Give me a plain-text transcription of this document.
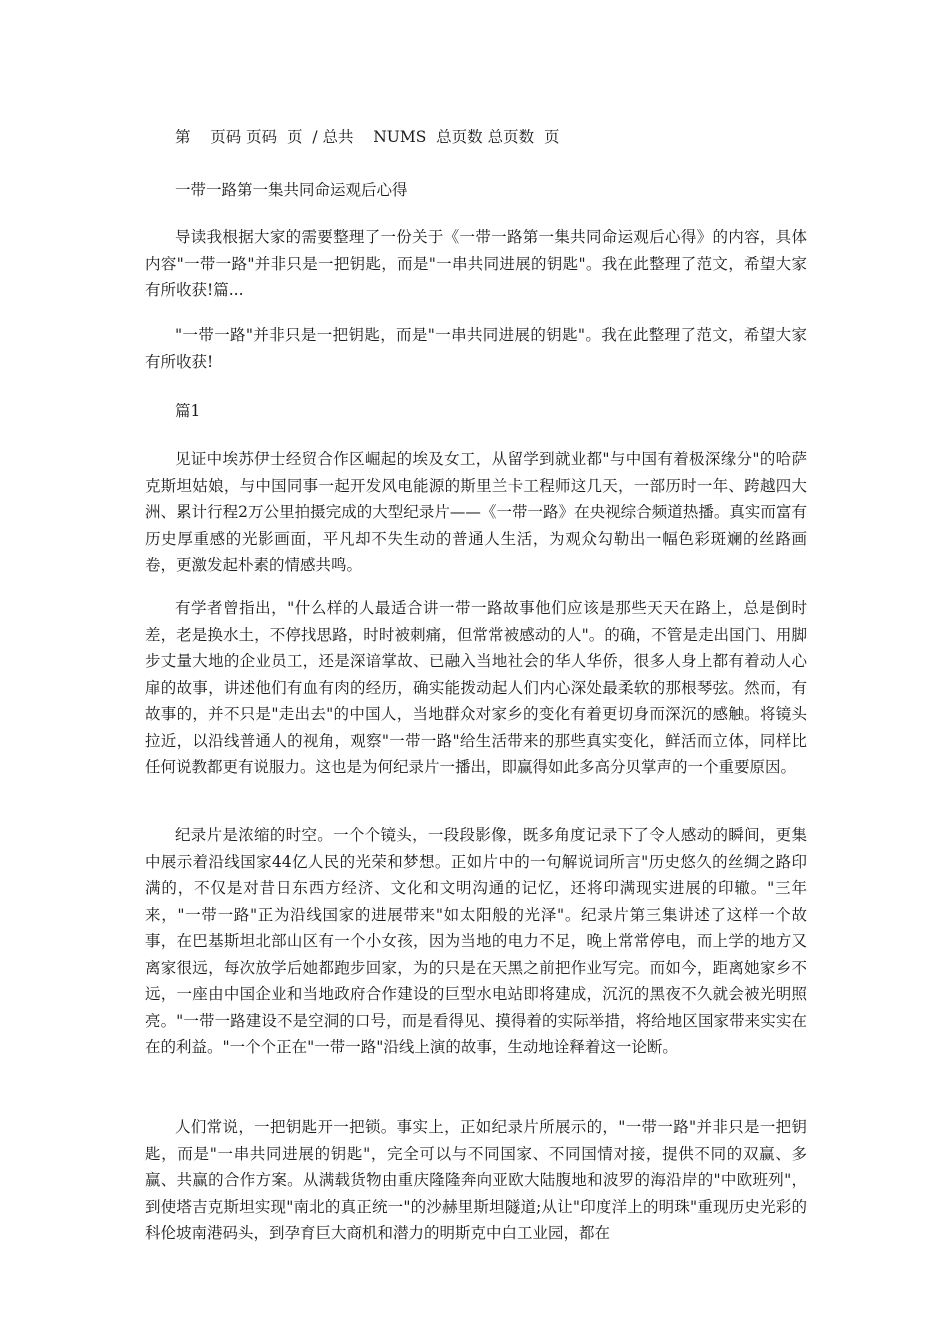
第    页码 页码  页  / 总共    NUMS  总页数 总页数  页
一带一路第一集共同命运观后心得

导读我根据大家的需要整理了一份关于《一带一路第一集共同命运观后心得》的内容，具体内容"一带一路"并非只是一把钥匙，而是"一串共同进展的钥匙"。我在此整理了范文，希望大家有所收获!篇...

"一带一路"并非只是一把钥匙，而是"一串共同进展的钥匙"。我在此整理了范文，希望大家有所收获!

篇1

见证中埃苏伊士经贸合作区崛起的埃及女工，从留学到就业都"与中国有着极深缘分"的哈萨克斯坦姑娘，与中国同事一起开发风电能源的斯里兰卡工程师这几天，一部历时一年、跨越四大洲、累计行程2万公里拍摄完成的大型纪录片——《一带一路》在央视综合频道热播。真实而富有历史厚重感的光影画面，平凡却不失生动的普通人生活，为观众勾勒出一幅色彩斑斓的丝路画卷，更激发起朴素的情感共鸣。

有学者曾指出，"什么样的人最适合讲一带一路故事他们应该是那些天天在路上，总是倒时差，老是换水土，不停找思路，时时被刺痛，但常常被感动的人"。的确，不管是走出国门、用脚步丈量大地的企业员工，还是深谙掌故、已融入当地社会的华人华侨，很多人身上都有着动人心扉的故事，讲述他们有血有肉的经历，确实能拨动起人们内心深处最柔软的那根琴弦。然而，有故事的，并不只是"走出去"的中国人，当地群众对家乡的变化有着更切身而深沉的感触。将镜头拉近，以沿线普通人的视角，观察"一带一路"给生活带来的那些真实变化，鲜活而立体，同样比任何说教都更有说服力。这也是为何纪录片一播出，即赢得如此多高分贝掌声的一个重要原因。

纪录片是浓缩的时空。一个个镜头，一段段影像，既多角度记录下了令人感动的瞬间，更集中展示着沿线国家44亿人民的光荣和梦想。正如片中的一句解说词所言"历史悠久的丝绸之路印满的，不仅是对昔日东西方经济、文化和文明沟通的记忆，还将印满现实进展的印辙。"三年来，"一带一路"正为沿线国家的进展带来"如太阳般的光泽"。纪录片第三集讲述了这样一个故事，在巴基斯坦北部山区有一个小女孩，因为当地的电力不足，晚上常常停电，而上学的地方又离家很远，每次放学后她都跑步回家，为的只是在天黑之前把作业写完。而如今，距离她家乡不远，一座由中国企业和当地政府合作建设的巨型水电站即将建成，沉沉的黑夜不久就会被光明照亮。"一带一路建设不是空洞的口号，而是看得见、摸得着的实际举措，将给地区国家带来实实在在的利益。"一个个正在"一带一路"沿线上演的故事，生动地诠释着这一论断。

人们常说，一把钥匙开一把锁。事实上，正如纪录片所展示的，"一带一路"并非只是一把钥匙，而是"一串共同进展的钥匙"，完全可以与不同国家、不同国情对接，提供不同的双赢、多赢、共赢的合作方案。从满载货物由重庆隆隆奔向亚欧大陆腹地和波罗的海沿岸的"中欧班列"，到使塔吉克斯坦实现"南北的真正统一"的沙赫里斯坦隧道;从让"印度洋上的明珠"重现历史光彩的科伦坡南港码头，到孕育巨大商机和潜力的明斯克中白工业园，都在
